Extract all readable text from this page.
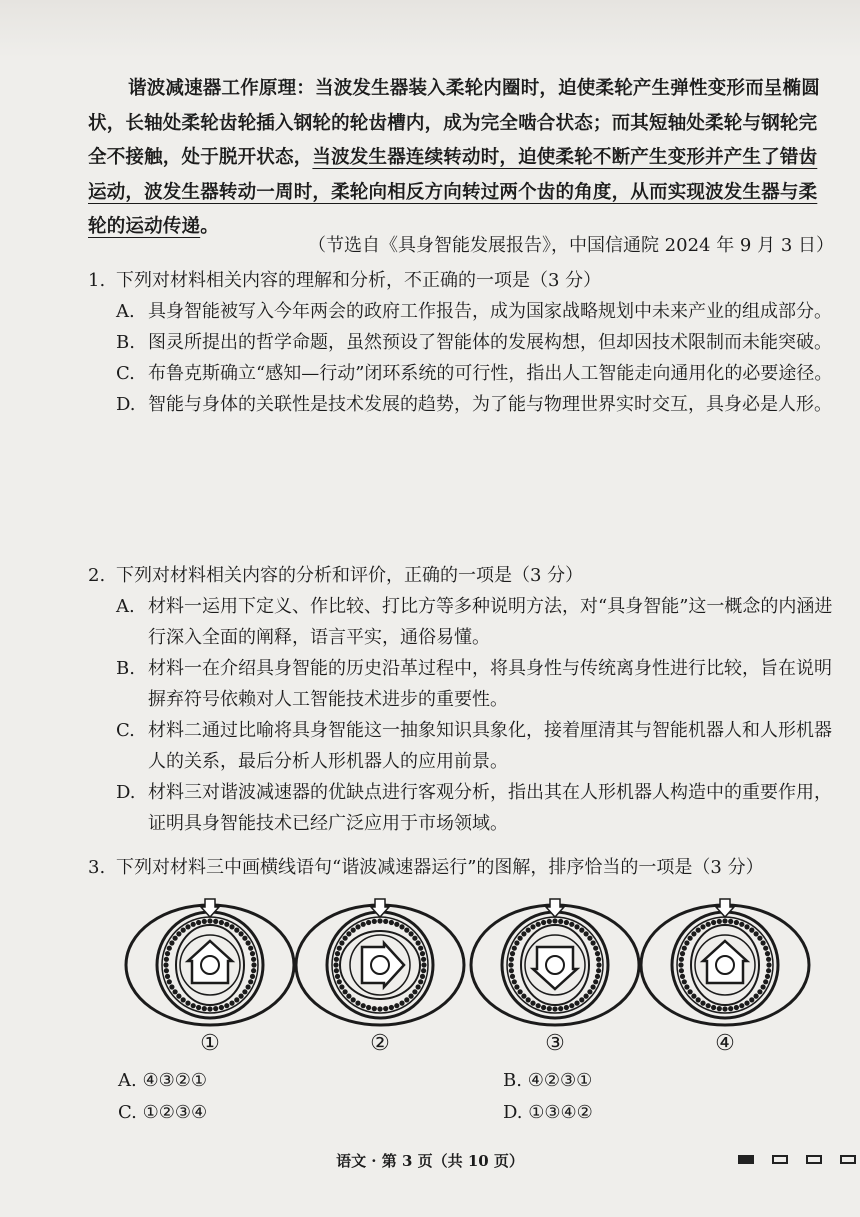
谐波减速器工作原理：当波发生器装入柔轮内圈时，迫使柔轮产生弹性变形而呈椭圆状，长轴处柔轮齿轮插入钢轮的轮齿槽内，成为完全啮合状态；而其短轴处柔轮与钢轮完全不接触，处于脱开状态，当波发生器连续转动时，迫使柔轮不断产生变形并产生了错齿运动，波发生器转动一周时，柔轮向相反方向转过两个齿的角度，从而实现波发生器与柔轮的运动传递。
（节选自《具身智能发展报告》，中国信通院 2024 年 9 月 3 日）
1. 下列对材料相关内容的理解和分析，不正确的一项是（3 分）
A. 具身智能被写入今年两会的政府工作报告，成为国家战略规划中未来产业的组成部分。
B. 图灵所提出的哲学命题，虽然预设了智能体的发展构想，但却因技术限制而未能突破。
C. 布鲁克斯确立“感知—行动”闭环系统的可行性，指出人工智能走向通用化的必要途径。
D. 智能与身体的关联性是技术发展的趋势，为了能与物理世界实时交互，具身必是人形。
2. 下列对材料相关内容的分析和评价，正确的一项是（3 分）
A. 材料一运用下定义、作比较、打比方等多种说明方法，对“具身智能”这一概念的内涵进行深入全面的阐释，语言平实，通俗易懂。
B. 材料一在介绍具身智能的历史沿革过程中，将具身性与传统离身性进行比较，旨在说明摒弃符号依赖对人工智能技术进步的重要性。
C. 材料二通过比喻将具身智能这一抽象知识具象化，接着厘清其与智能机器人和人形机器人的关系，最后分析人形机器人的应用前景。
D. 材料三对谐波减速器的优缺点进行客观分析，指出其在人形机器人构造中的重要作用，证明具身智能技术已经广泛应用于市场领域。
3. 下列对材料三中画横线语句“谐波减速器运行”的图解，排序恰当的一项是（3 分）
①	②	③	④
A. ④③②①	B. ④②③①
C. ①②③④	D. ①③④②
语文 · 第 3 页（共 10 页）
